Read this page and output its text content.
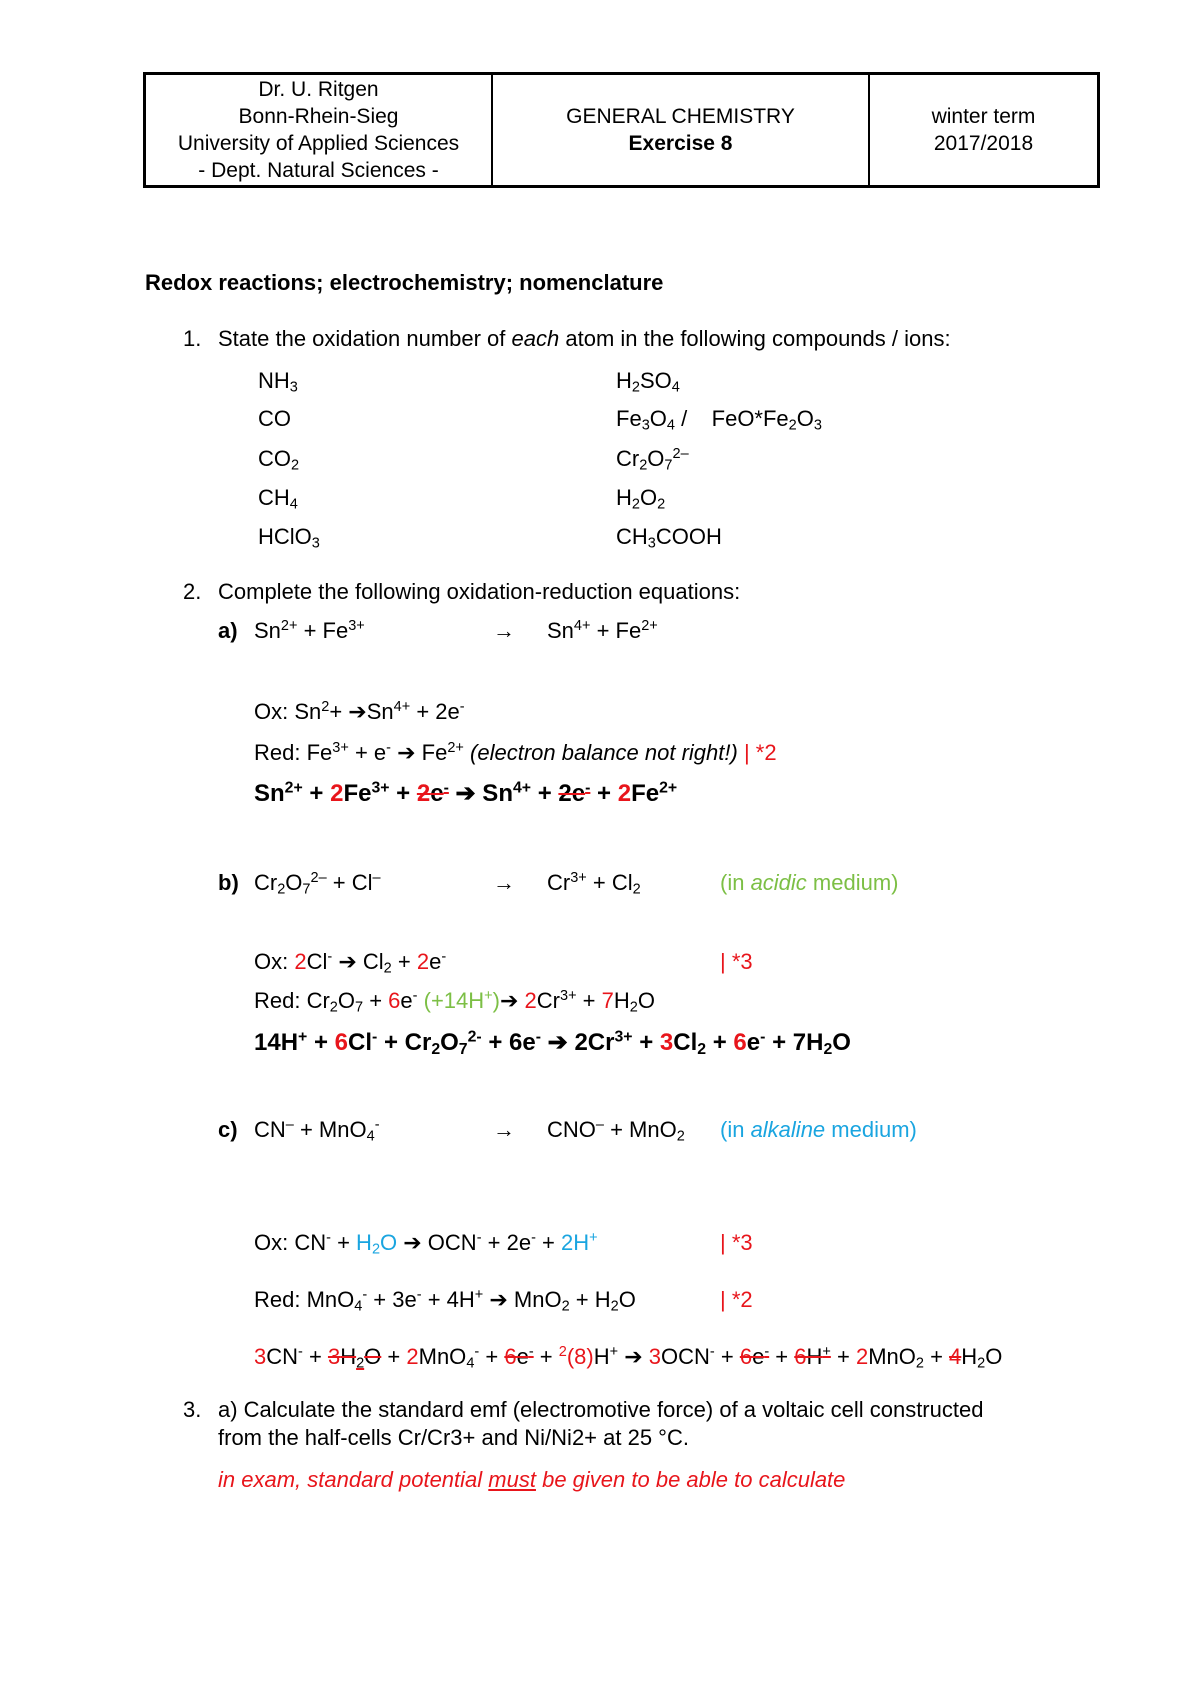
Dr. U. Ritgen
Bonn-Rhein-Sieg
University of Applied Sciences
- Dept. Natural Sciences -
GENERAL CHEMISTRY
Exercise 8
winter term
2017/2018
Redox reactions; electrochemistry; nomenclature
1. State the oxidation number of each atom in the following compounds / ions:
$NH_3$	$H_2SO_4$
CO	$Fe_3O_4$ /    $FeO*Fe_2O_3$
$CO_2$	$Cr_2O_7^{2-}$
$CH_4$	$H_2O_2$
HClO$_3$	$CH_3COOH$
2. Complete the following oxidation-reduction equations:
a) $Sn^{2+} + Fe^{3+}$	→ $Sn^{4+} + Fe^{2+}$
Ox: $Sn^2+$ $➔Sn^{4+} + 2e^-$
Red: $Fe^{3+} + e^-$ ➔ $Fe^{2+}$ (electron balance not right!) | *2
$Sn^{2+} + 2Fe^{3+} + 2e^-$ ➔ $Sn^{4+} + 2e^- + 2Fe^{2+}$
b) $Cr_2O_7^{2-} + Cl^-$	→ $Cr^{3+} + Cl_2$	(in acidic medium)
Ox: 2Cl- ➔ $Cl_2 + 2e^-$	| *3
Red: $Cr_2O_7 + 6e^-$ (+14H+)➔ $2Cr^{3+} + 7H_2O$
$14H^+ + 6Cl^- + Cr_2O_7^{2-} + 6e^-$ ➔ $2Cr^{3+} + 3Cl_2 + 6e^- + 7H_2O$
c) CN– + MnO$_4$-	→ CNO– + MnO$_2$ (in alkaline medium)
Ox: $CN^- + H_2O$ ➔ OCN- + 2e- + 2H+	| *3
Red: MnO$_4$- + 3e- + 4H+ ➔ $MnO_2 + H_2O$	| *2
$3CN^- + 3H_2O + 2MnO_4^- + 6e^- + ^2(8)H^+$ ➔ $3OCN^- + 6e^- + 6H^+ + 2MnO_2 + 4H_2O$
3. a) Calculate the standard emf (electromotive force) of a voltaic cell constructed
from the half-cells Cr/Cr3+ and Ni/Ni2+ at 25 °C.
in exam, standard potential must be given to be able to calculate
